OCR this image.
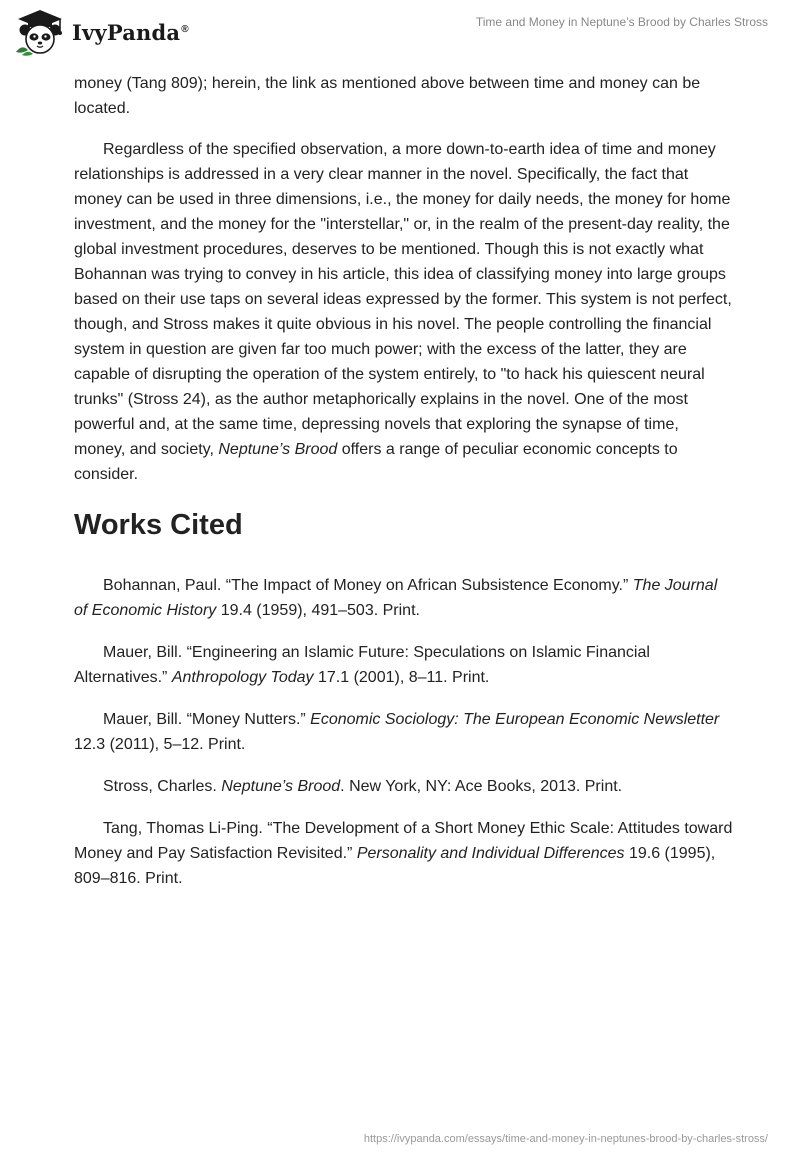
IvyPanda®	Time and Money in Neptune’s Brood by Charles Stross

money (Tang 809); herein, the link as mentioned above between time and money can be located.

Regardless of the specified observation, a more down-to-earth idea of time and money relationships is addressed in a very clear manner in the novel. Specifically, the fact that money can be used in three dimensions, i.e., the money for daily needs, the money for home investment, and the money for the "interstellar," or, in the realm of the present-day reality, the global investment procedures, deserves to be mentioned. Though this is not exactly what Bohannan was trying to convey in his article, this idea of classifying money into large groups based on their use taps on several ideas expressed by the former. This system is not perfect, though, and Stross makes it quite obvious in his novel. The people controlling the financial system in question are given far too much power; with the excess of the latter, they are capable of disrupting the operation of the system entirely, to "to hack his quiescent neural trunks" (Stross 24), as the author metaphorically explains in the novel. One of the most powerful and, at the same time, depressing novels that exploring the synapse of time, money, and society, Neptune’s Brood offers a range of peculiar economic concepts to consider.

Works Cited

Bohannan, Paul. “The Impact of Money on African Subsistence Economy.” The Journal of Economic History 19.4 (1959), 491–503. Print.

Mauer, Bill. “Engineering an Islamic Future: Speculations on Islamic Financial Alternatives.” Anthropology Today 17.1 (2001), 8–11. Print.

Mauer, Bill. “Money Nutters.” Economic Sociology: The European Economic Newsletter 12.3 (2011), 5–12. Print.

Stross, Charles. Neptune’s Brood. New York, NY: Ace Books, 2013. Print.

Tang, Thomas Li-Ping. “The Development of a Short Money Ethic Scale: Attitudes toward Money and Pay Satisfaction Revisited.” Personality and Individual Differences 19.6 (1995), 809–816. Print.

https://ivypanda.com/essays/time-and-money-in-neptunes-brood-by-charles-stross/
